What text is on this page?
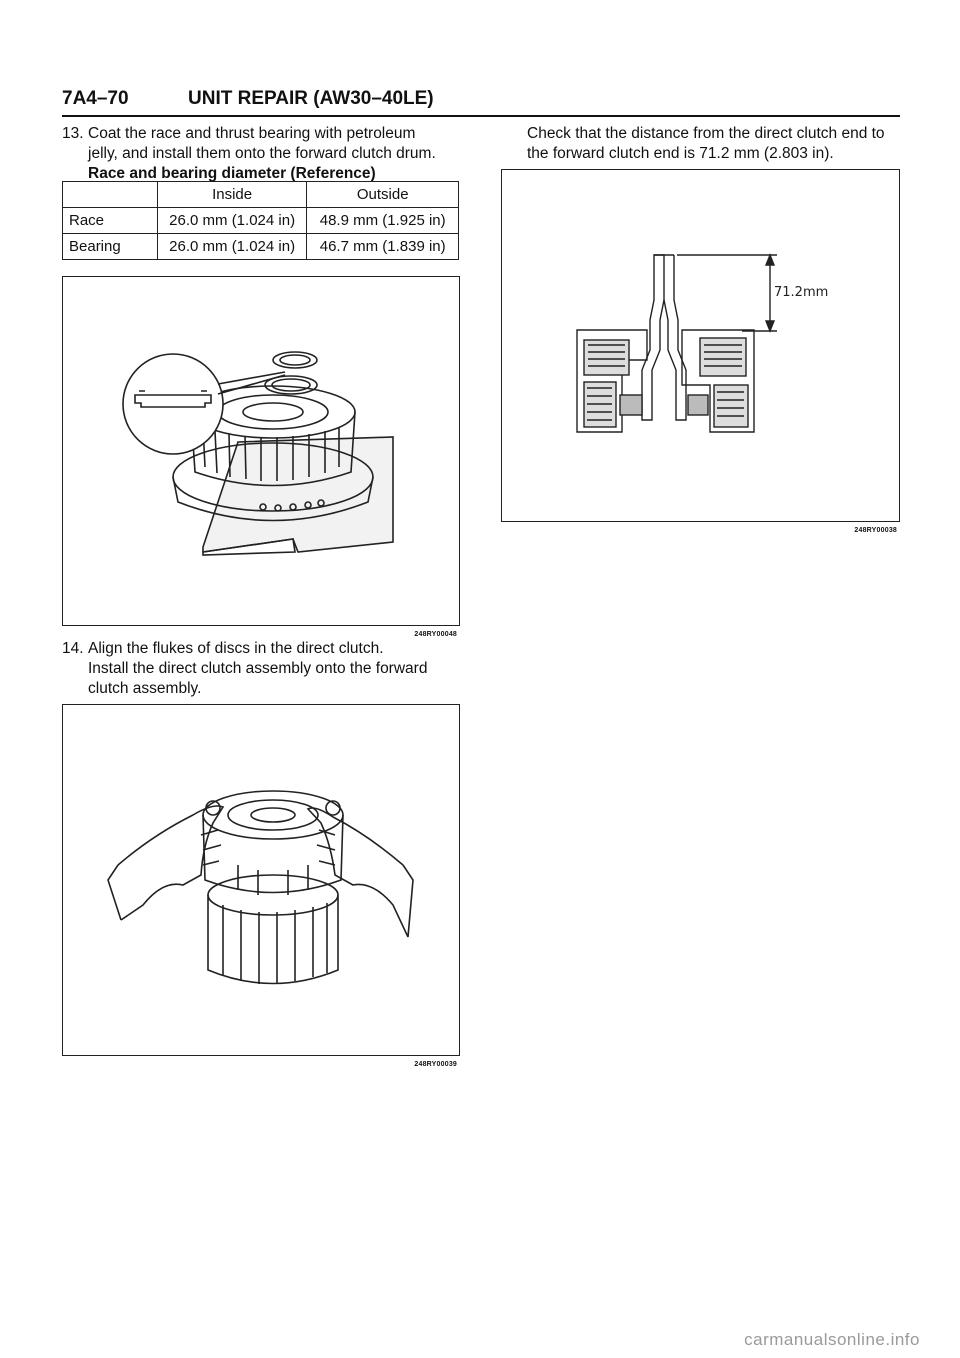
7A4–70	UNIT REPAIR (AW30–40LE)
13. Coat the race and thrust bearing with petroleum

jelly, and install them onto the forward clutch drum.

Race and bearing diameter (Reference)

	Inside	Outside
Race	26.0 mm (1.024 in)	48.9 mm (1.925 in)
Bearing	26.0 mm (1.024 in)	46.7 mm (1.839 in)
248RY00048
14. Align the flukes of discs in the direct clutch.

Install the direct clutch assembly onto the forward

clutch assembly.

248RY00039

Check that the distance from the direct clutch end to

the forward clutch end is 71.2 mm (2.803 in).

71.2mm
248RY00038
carmanualsonline.info
